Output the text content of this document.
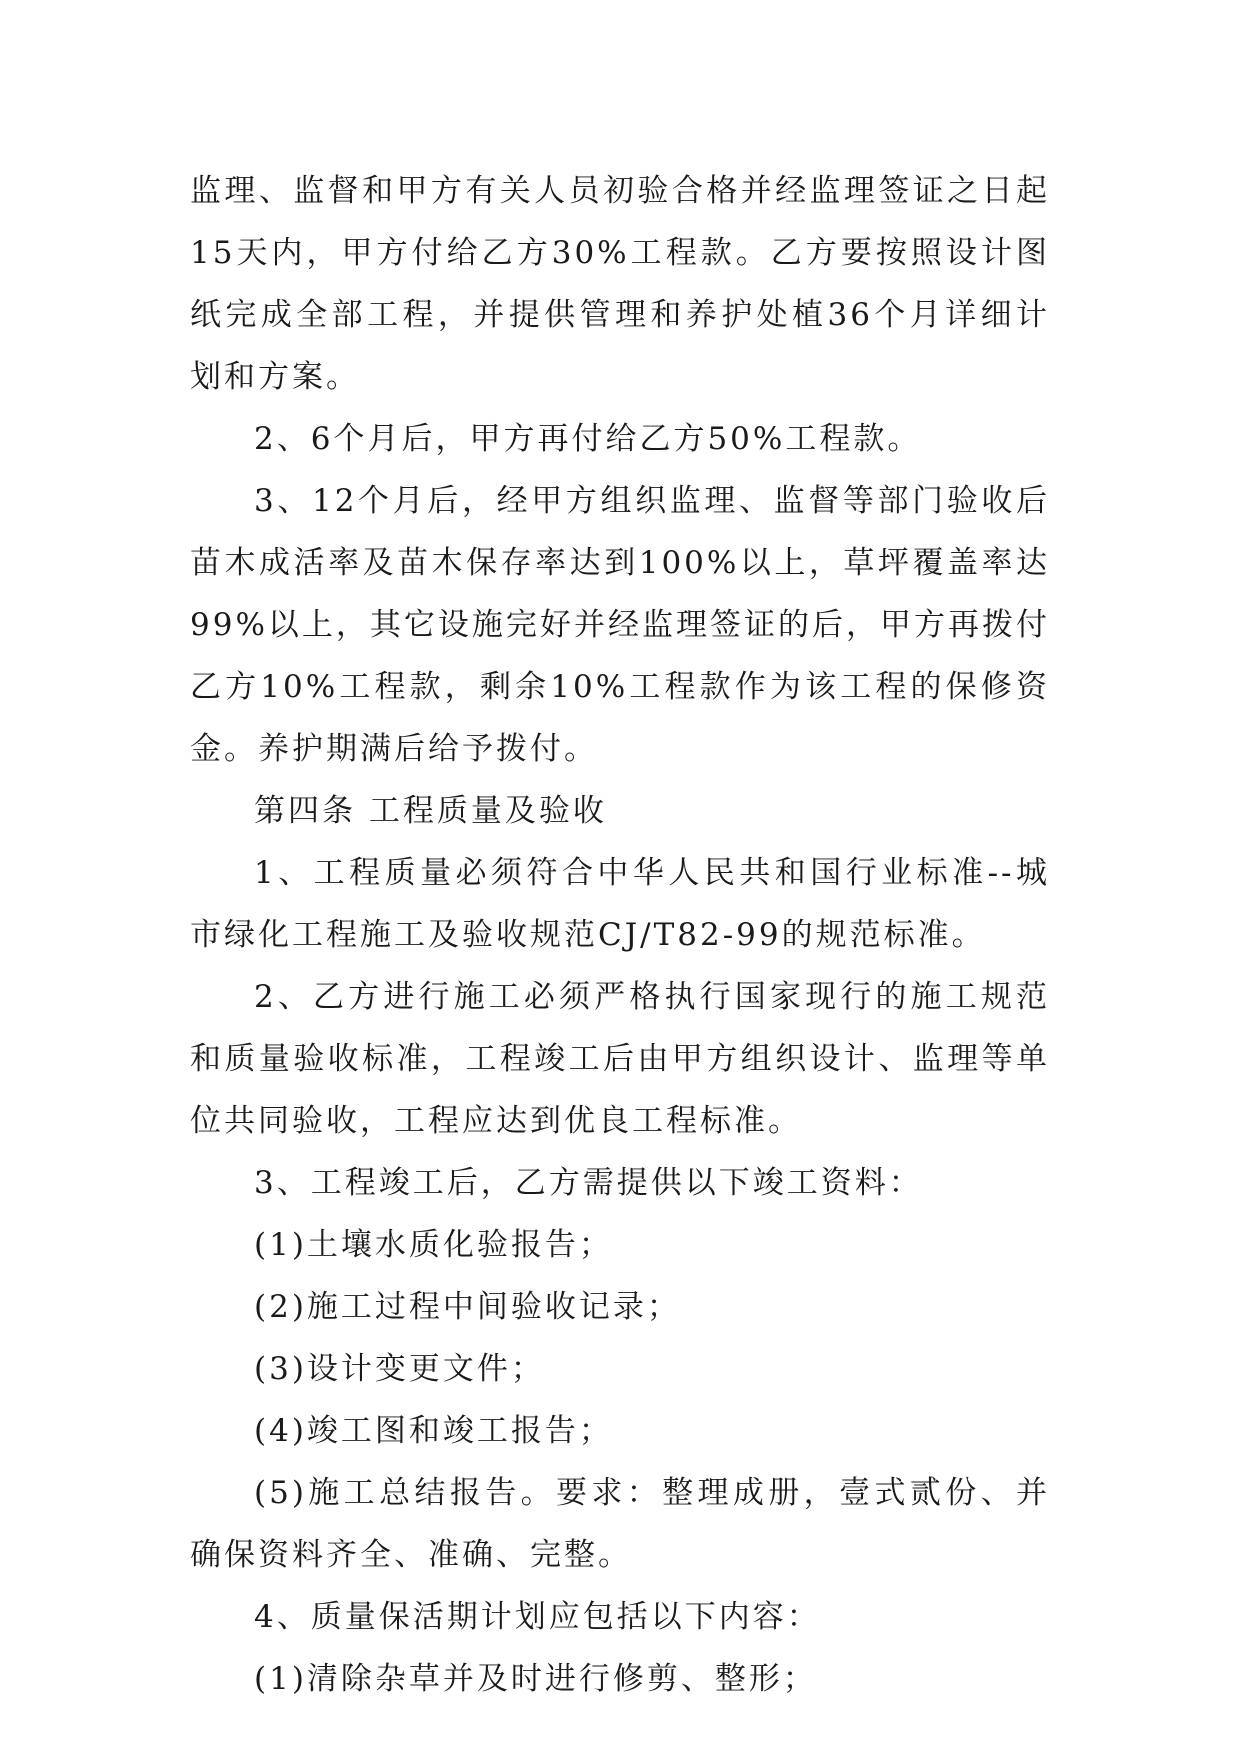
监理、监督和甲方有关人员初验合格并经监理签证之日起15天内，甲方付给乙方30%工程款。乙方要按照设计图纸完成全部工程，并提供管理和养护处植36个月详细计划和方案。

2、6个月后，甲方再付给乙方50%工程款。

3、12个月后，经甲方组织监理、监督等部门验收后苗木成活率及苗木保存率达到100%以上，草坪覆盖率达99%以上，其它设施完好并经监理签证的后，甲方再拨付乙方10%工程款，剩余10%工程款作为该工程的保修资金。养护期满后给予拨付。

第四条 工程质量及验收

1、工程质量必须符合中华人民共和国行业标准--城市绿化工程施工及验收规范CJ/T82-99的规范标准。

2、乙方进行施工必须严格执行国家现行的施工规范和质量验收标准，工程竣工后由甲方组织设计、监理等单位共同验收，工程应达到优良工程标准。

3、工程竣工后，乙方需提供以下竣工资料：

(1)土壤水质化验报告；

(2)施工过程中间验收记录；

(3)设计变更文件；

(4)竣工图和竣工报告；

(5)施工总结报告。要求：整理成册，壹式贰份、并确保资料齐全、准确、完整。

4、质量保活期计划应包括以下内容：

(1)清除杂草并及时进行修剪、整形；
